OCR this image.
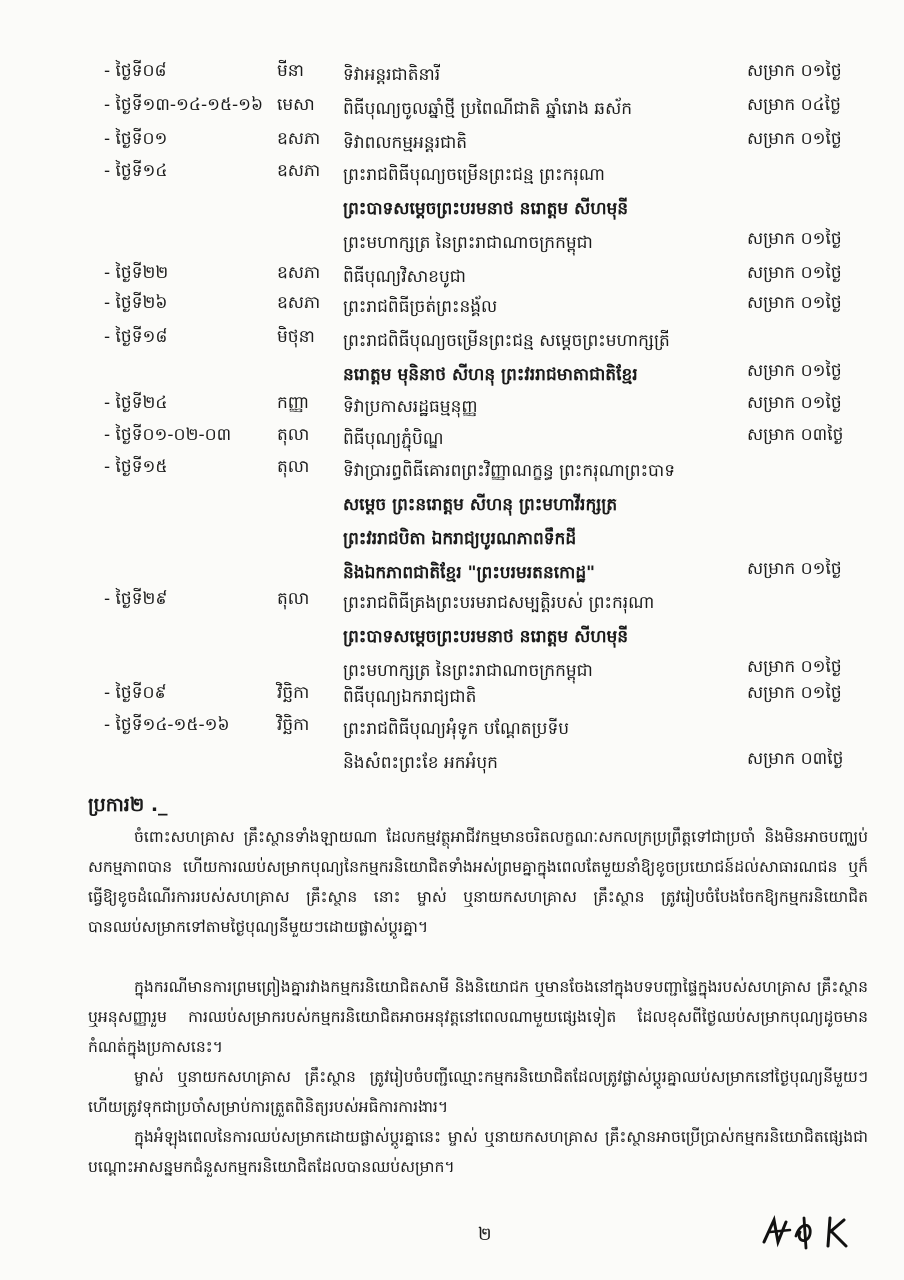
- ថ្ងៃទី០៨	មីនា ទិវាអន្តរជាតិនារី	សម្រាក ០១ថ្ងៃ
- ថ្ងៃទី១៣-១៤-១៥-១៦ មេសា ពិធីបុណ្យចូលឆ្នាំថ្មី ប្រពៃណីជាតិ ឆ្នាំរោង ឆស័ក	សម្រាក ០៤ថ្ងៃ
- ថ្ងៃទី០១	ឧសភា ទិវាពលកម្មអន្តរជាតិ	សម្រាក ០១ថ្ងៃ
- ថ្ងៃទី១៤	ឧសភា ព្រះរាជពិធីបុណ្យចម្រើនព្រះជន្ម ព្រះករុណា
ព្រះបាទសម្ដេចព្រះបរមនាថ នរោត្ដម សីហមុនី
ព្រះមហាក្សត្រ នៃព្រះរាជាណាចក្រកម្ពុជា	សម្រាក ០១ថ្ងៃ
- ថ្ងៃទី២២	ឧសភា ពិធីបុណ្យវិសាខបូជា	សម្រាក ០១ថ្ងៃ
- ថ្ងៃទី២៦	ឧសភា ព្រះរាជពិធីច្រត់ព្រះនង្គ័ល	សម្រាក ០១ថ្ងៃ
- ថ្ងៃទី១៨	មិថុនា ព្រះរាជពិធីបុណ្យចម្រើនព្រះជន្ម សម្ដេចព្រះមហាក្សត្រី
នរោត្តម មុនិនាថ សីហនុ ព្រះវររាជមាតាជាតិខ្មែរ	សម្រាក ០១ថ្ងៃ
- ថ្ងៃទី២៤	កញ្ញា ទិវាប្រកាសរដ្ឋធម្មនុញ្ញ	សម្រាក ០១ថ្ងៃ
- ថ្ងៃទី០១-០២-០៣	តុលា ពិធីបុណ្យភ្ជុំបិណ្ឌ	សម្រាក ០៣ថ្ងៃ
- ថ្ងៃទី១៥	តុលា ទិវាប្រារព្ធពិធីគោរពព្រះវិញ្ញាណក្ខន្ធ ព្រះករុណាព្រះបាទ
សម្ដេច ព្រះនរោត្តម សីហនុ ព្រះមហាវីរក្សត្រ
ព្រះវររាជបិតា ឯករាជ្យបូរណភាពទឹកដី
និងឯកភាពជាតិខ្មែរ "ព្រះបរមរតនកោដ្ឋ"	សម្រាក ០១ថ្ងៃ
- ថ្ងៃទី២៩	តុលា ព្រះរាជពិធីគ្រងព្រះបរមរាជសម្បត្តិរបស់ ព្រះករុណា
ព្រះបាទសម្ដេចព្រះបរមនាថ នរោត្ដម សីហមុនី
ព្រះមហាក្សត្រ នៃព្រះរាជាណាចក្រកម្ពុជា	សម្រាក ០១ថ្ងៃ
- ថ្ងៃទី០៩	វិច្ឆិកា ពិធីបុណ្យឯករាជ្យជាតិ	សម្រាក ០១ថ្ងៃ
- ថ្ងៃទី១៤-១៥-១៦	វិច្ឆិកា ព្រះរាជពិធីបុណ្យអុំទូក បណ្ដែតប្រទីប
និងសំពះព្រះខែ អកអំបុក	សម្រាក ០៣ថ្ងៃ
ប្រការ២ ._
ចំពោះសហគ្រាស គ្រឹះស្ថានទាំងឡាយណា ដែលកម្មវត្ថុអាជីវកម្មមានចរិតលក្ខណៈសកលក្រប្រព្រឹត្តទៅជាប្រចាំ និងមិនអាចបញ្ឈប់សកម្មភាពបាន ហើយការឈប់សម្រាកបុណ្យនៃកម្មករនិយោជិតទាំងអស់ព្រមគ្នាក្នុងពេលតែមួយនាំឱ្យខូចប្រយោជន៍ដល់សាធារណជន ឬក៏ធ្វើឱ្យខូចដំណើរការរបស់សហគ្រាស គ្រឹះស្ថាន នោះ ម្ចាស់ ឬនាយកសហគ្រាស គ្រឹះស្ថាន ត្រូវរៀបចំបែងចែកឱ្យកម្មករនិយោជិតបានឈប់សម្រាកទៅតាមថ្ងៃបុណ្យនីមួយៗដោយផ្លាស់ប្ដូរគ្នា។
ក្នុងករណីមានការព្រមព្រៀងគ្នារវាងកម្មករនិយោជិតសាមី និងនិយោជក ឬមានចែងនៅក្នុងបទបញ្ជាផ្ទៃក្នុងរបស់សហគ្រាស គ្រឹះស្ថាន ឬអនុសញ្ញារួម ការឈប់សម្រាករបស់កម្មករនិយោជិតអាចអនុវត្តនៅពេលណាមួយផ្សេងទៀត ដែលខុសពីថ្ងៃឈប់សម្រាកបុណ្យដូចមានកំណត់ក្នុងប្រកាសនេះ។
ម្ចាស់ ឬនាយកសហគ្រាស គ្រឹះស្ថាន ត្រូវរៀបចំបញ្ជីឈ្មោះកម្មករនិយោជិតដែលត្រូវផ្លាស់ប្ដូរគ្នាឈប់សម្រាកនៅថ្ងៃបុណ្យនីមួយៗ ហើយត្រូវទុកជាប្រចាំសម្រាប់ការត្រួតពិនិត្យរបស់អធិការការងារ។
ក្នុងអំឡុងពេលនៃការឈប់សម្រាកដោយផ្លាស់ប្ដូរគ្នានេះ ម្ចាស់ ឬនាយកសហគ្រាស គ្រឹះស្ថានអាចប្រើប្រាស់កម្មករនិយោជិតផ្សេងជាបណ្ដោះអាសន្នមកជំនួសកម្មករនិយោជិតដែលបានឈប់សម្រាក។
២
